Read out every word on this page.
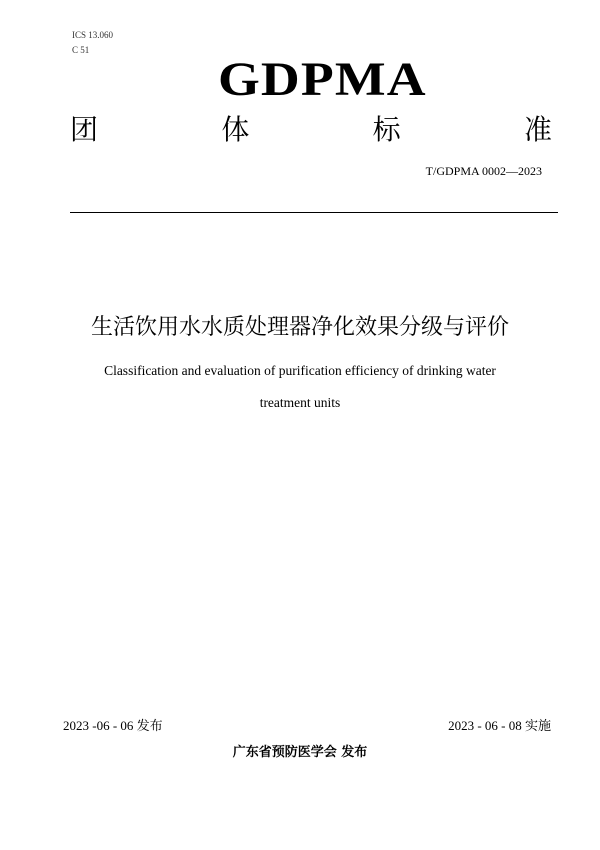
ICS 13.060
C 51
GDPMA
团	体	标	准
T/GDPMA 0002—2023
生活饮用水水质处理器净化效果分级与评价
Classification and evaluation of purification efficiency of drinking water
treatment units
2023 -06 - 06 发布	2023 - 06 - 08 实施
广东省预防医学会 发布
